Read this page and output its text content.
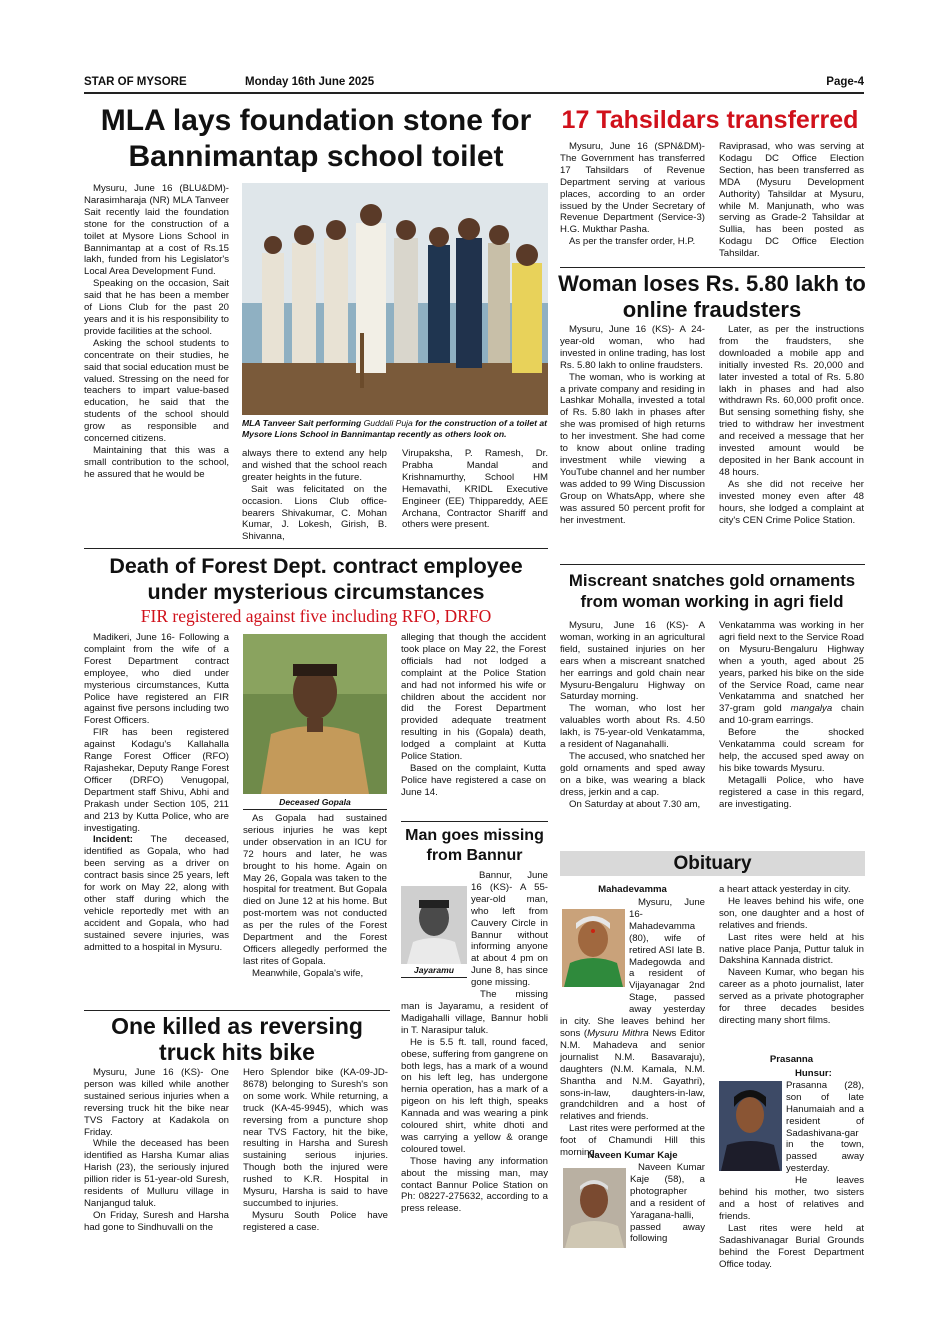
STAR OF MYSORE	Monday 16th June 2025	Page-4
MLA lays foundation stone for Bannimantap school toilet

Mysuru, June 16 (BLU&DM)- Narasimharaja (NR) MLA Tanveer Sait recently laid the foundation stone for the construction of a toilet at Mysore Lions School in Bannimantap at a cost of Rs.15 lakh, funded from his Legislator's Local Area Development Fund.

Speaking on the occasion, Sait said that he has been a member of Lions Club for the past 20 years and it is his responsibility to provide facilities at the school.

Asking the school students to concentrate on their studies, he said that social education must be valued. Stressing on the need for teachers to impart value-based education, he said that the students of the school should grow as responsible and concerned citizens.

Maintaining that this was a small contribution to the school, he assured that he would be

MLA Tanveer Sait performing Guddali Puja for the construction of a toilet at Mysore Lions School in Bannimantap recently as others look on.

always there to extend any help and wished that the school reach greater heights in the future.

Sait was felicitated on the occasion. Lions Club office-bearers Shivakumar, C. Mohan Kumar, J. Lokesh, Girish, B. Shivanna,

Virupaksha, P. Ramesh, Dr. Prabha Mandal and Krishnamurthy, School HM Hemavathi, KRIDL Executive Engineer (EE) Thippareddy, AEE Archana, Contractor Shariff and others were present.

17 Tahsildars transferred

Mysuru, June 16 (SPN&DM)- The Government has transferred 17 Tahsildars of Revenue Department serving at various places, according to an order issued by the Under Secretary of Revenue Department (Service-3) H.G. Mukthar Pasha.

As per the transfer order, H.P.

Raviprasad, who was serving at Kodagu DC Office Election Section, has been transferred as MDA (Mysuru Development Authority) Tahsildar at Mysuru, while M. Manjunath, who was serving as Grade-2 Tahsildar at Sullia, has been posted as Kodagu DC Office Election Tahsildar.

Woman loses Rs. 5.80 lakh to online fraudsters

Mysuru, June 16 (KS)- A 24-year-old woman, who had invested in online trading, has lost Rs. 5.80 lakh to online fraudsters.

The woman, who is working at a private company and residing in Lashkar Mohalla, invested a total of Rs. 5.80 lakh in phases after she was promised of high returns to her investment. She had come to know about online trading investment while viewing a YouTube channel and her number was added to 99 Wing Discussion Group on WhatsApp, where she was assured 50 percent profit for her investment.

Later, as per the instructions from the fraudsters, she downloaded a mobile app and initially invested Rs. 20,000 and later invested a total of Rs. 5.80 lakh in phases and had also withdrawn Rs. 60,000 profit once. But sensing something fishy, she tried to withdraw her investment and received a message that her invested amount would be deposited in her Bank account in 48 hours.

As she did not receive her invested money even after 48 hours, she lodged a complaint at city's CEN Crime Police Station.

Death of Forest Dept. contract employee under mysterious circumstances
FIR registered against five including RFO, DRFO

Madikeri, June 16- Following a complaint from the wife of a Forest Department contract employee, who died under mysterious circumstances, Kutta Police have registered an FIR against five persons including two Forest Officers.

FIR has been registered against Kodagu's Kallahalla Range Forest Officer (RFO) Rajashekar, Deputy Range Forest Officer (DRFO) Venugopal, Department staff Shivu, Abhi and Prakash under Section 105, 211 and 213 by Kutta Police, who are investigating.

Incident: The deceased, identified as Gopala, who had been serving as a driver on contract basis since 25 years, left for work on May 22, along with other staff during which the vehicle reportedly met with an accident and Gopala, who had sustained severe injuries, was admitted to a hospital in Mysuru.

Deceased Gopala

As Gopala had sustained serious injuries he was kept under observation in an ICU for 72 hours and later, he was brought to his home. Again on May 26, Gopala was taken to the hospital for treatment. But Gopala died on June 12 at his home. But post-mortem was not conducted as per the rules of the Forest Department and the Forest Officers allegedly performed the last rites of Gopala.

Meanwhile, Gopala's wife,

alleging that though the accident took place on May 22, the Forest officials had not lodged a complaint at the Police Station and had not informed his wife or children about the accident nor did the Forest Department provided adequate treatment resulting in his (Gopala) death, lodged a complaint at Kutta Police Station.

Based on the complaint, Kutta Police have registered a case on June 14.

Miscreant snatches gold ornaments from woman working in agri field

Mysuru, June 16 (KS)- A woman, working in an agricultural field, sustained injuries on her ears when a miscreant snatched her earrings and gold chain near Mysuru-Bengaluru Highway on Saturday morning.

The woman, who lost her valuables worth about Rs. 4.50 lakh, is 75-year-old Venkatamma, a resident of Naganahalli.

The accused, who snatched her gold ornaments and sped away on a bike, was wearing a black dress, jerkin and a cap.

On Saturday at about 7.30 am,

Venkatamma was working in her agri field next to the Service Road on Mysuru-Bengaluru Highway when a youth, aged about 25 years, parked his bike on the side of the Service Road, came near Venkatamma and snatched her 37-gram gold mangalya chain and 10-gram earrings.

Before the shocked Venkatamma could scream for help, the accused sped away on his bike towards Mysuru.

Metagalli Police, who have registered a case in this regard, are investigating.

Man goes missing from Bannur
Jayaramu

Bannur, June 16 (KS)- A 55-year-old man, who left from Cauvery Circle in Bannur without informing anyone at about 4 pm on June 8, has since gone missing.

The missing man is Jayaramu, a resident of Madigahalli village, Bannur hobli in T. Narasipur taluk.

He is 5.5 ft. tall, round faced, obese, suffering from gangrene on both legs, has a mark of a wound on his left leg, has undergone hernia operation, has a mark of a pigeon on his left thigh, speaks Kannada and was wearing a pink coloured shirt, white dhoti and was carrying a yellow & orange coloured towel.

Those having any information about the missing man, may contact Bannur Police Station on Ph: 08227-275632, according to a press release.

One killed as reversing truck hits bike

Mysuru, June 16 (KS)- One person was killed while another sustained serious injuries when a reversing truck hit the bike near TVS Factory at Kadakola on Friday.

While the deceased has been identified as Harsha Kumar alias Harish (23), the seriously injured pillion rider is 51-year-old Suresh, residents of Mulluru village in Nanjangud taluk.

On Friday, Suresh and Harsha had gone to Sindhuvalli on the

Hero Splendor bike (KA-09-JD-8678) belonging to Suresh's son on some work. While returning, a truck (KA-45-9945), which was reversing from a puncture shop near TVS Factory, hit the bike, resulting in Harsha and Suresh sustaining serious injuries. Though both the injured were rushed to K.R. Hospital in Mysuru, Harsha is said to have succumbed to injuries.

Mysuru South Police have registered a case.

Obituary
Mahadevamma

Mysuru, June 16- Mahadevamma (80), wife of retired ASI late B. Madegowda and a resident of Vijayanagar 2nd Stage, passed away yesterday in city. She leaves behind her sons (Mysuru Mithra News Editor N.M. Mahadeva and senior journalist N.M. Basavaraju), daughters (N.M. Kamala, N.M. Shantha and N.M. Gayathri), sons-in-law, daughters-in-law, grandchildren and a host of relatives and friends.

Last rites were performed at the foot of Chamundi Hill this morning.

Naveen Kumar Kaje

Naveen Kumar Kaje (58), a photographer and a resident of Yaragana-halli, passed away following

a heart attack yesterday in city.

He leaves behind his wife, one son, one daughter and a host of relatives and friends.

Last rites were held at his native place Panja, Puttur taluk in Dakshina Kannada district.

Naveen Kumar, who began his career as a photo journalist, later served as a private photographer for three decades besides directing many short films.

Prasanna

Hunsur: Prasanna (28), son of late Hanumaiah and a resident of Sadashivana-gar in the town, passed away yesterday.

He leaves behind his mother, two sisters and a host of relatives and friends.

Last rites were held at Sadashivanagar Burial Grounds behind the Forest Department Office today.
